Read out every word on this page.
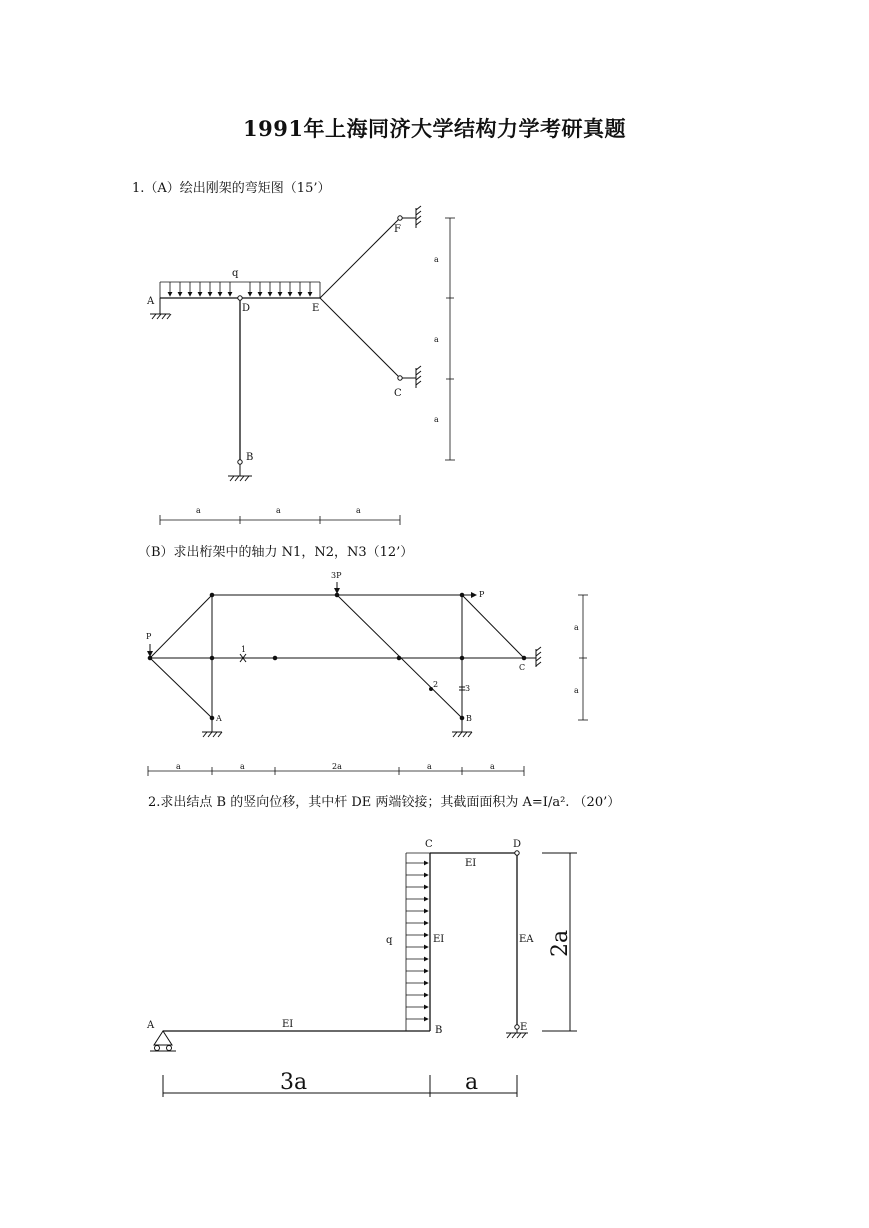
1991年上海同济大学结构力学考研真题
1.（A）绘出刚架的弯矩图（15’）
（B）求出桁架中的轴力 N1，N2，N3（12’）
2.求出结点 B 的竖向位移，其中杆 DE 两端铰接；其截面面积为 A=I/a². （20’）
A
D	E
F
C
B
q
a	a	a
a
a
a
P
P
3P
A	B
C
1
2	3
a	a	2a	a	a
a
a
A	B
C	D
E
q
EI
EI
EI
EA
3a	a
2a
